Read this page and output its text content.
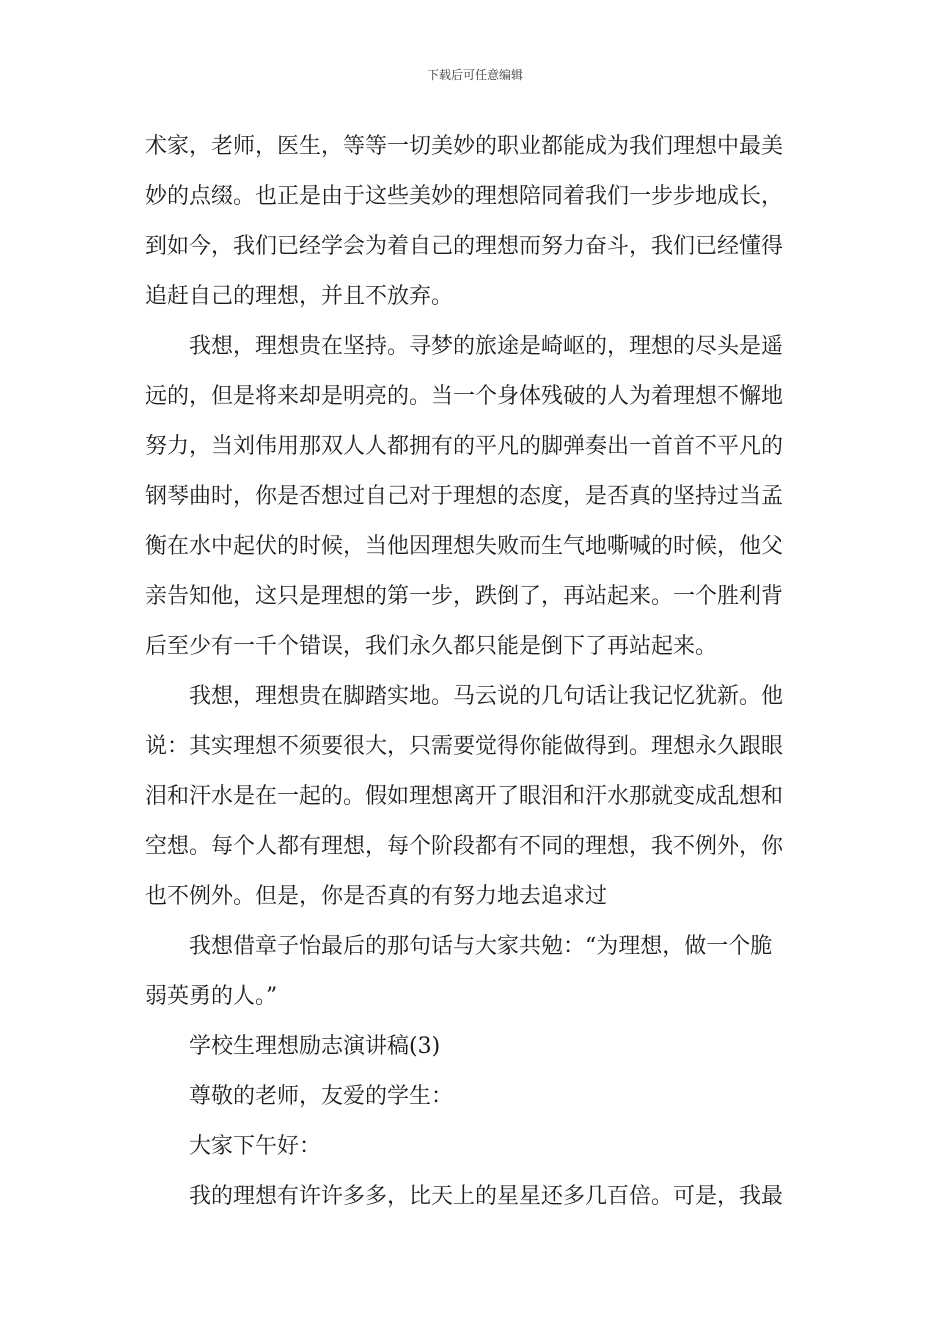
下载后可任意编辑
术家，老师，医生，等等一切美妙的职业都能成为我们理想中最美
妙的点缀。也正是由于这些美妙的理想陪同着我们一步步地成长，
到如今，我们已经学会为着自己的理想而努力奋斗，我们已经懂得
追赶自己的理想，并且不放弃。
我想，理想贵在坚持。寻梦的旅途是崎岖的，理想的尽头是遥
远的，但是将来却是明亮的。当一个身体残破的人为着理想不懈地
努力，当刘伟用那双人人都拥有的平凡的脚弹奏出一首首不平凡的
钢琴曲时，你是否想过自己对于理想的态度，是否真的坚持过当孟
衡在水中起伏的时候，当他因理想失败而生气地嘶喊的时候，他父
亲告知他，这只是理想的第一步，跌倒了，再站起来。一个胜利背
后至少有一千个错误，我们永久都只能是倒下了再站起来。
我想，理想贵在脚踏实地。马云说的几句话让我记忆犹新。他
说：其实理想不须要很大，只需要觉得你能做得到。理想永久跟眼
泪和汗水是在一起的。假如理想离开了眼泪和汗水那就变成乱想和
空想。每个人都有理想，每个阶段都有不同的理想，我不例外，你
也不例外。但是，你是否真的有努力地去追求过
我想借章子怡最后的那句话与大家共勉：“为理想，做一个脆
弱英勇的人。”
学校生理想励志演讲稿(3)
尊敬的老师，友爱的学生：
大家下午好：
我的理想有许许多多，比天上的星星还多几百倍。可是，我最
